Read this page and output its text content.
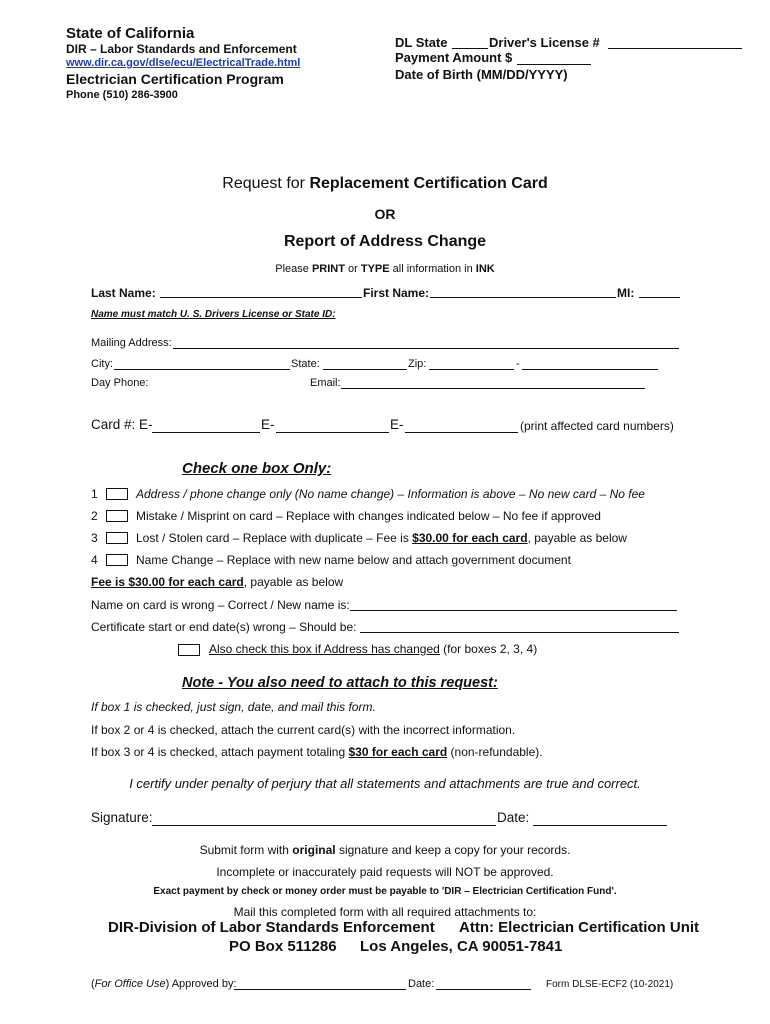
State of California
DIR – Labor Standards and Enforcement
www.dir.ca.gov/dlse/ecu/ElectricalTrade.html
Electrician Certification Program
Phone (510) 286-3900
DL State	Driver's License #
Payment Amount $
Date of Birth (MM/DD/YYYY)
Request for Replacement Certification Card
OR
Report of Address Change
Please PRINT or TYPE all information in INK
Last Name:	First Name:	MI:
Name must match U. S. Drivers License or State ID:
Mailing Address:
City:	State:	Zip:	-
Day Phone:	Email:
Card #: E-	E-	E-	(print affected card numbers)
Check one box Only:
1	Address / phone change only (No name change) – Information is above – No new card – No fee
2	Mistake / Misprint on card – Replace with changes indicated below – No fee if approved
3	Lost / Stolen card – Replace with duplicate – Fee is $30.00 for each card, payable as below
4	Name Change – Replace with new name below and attach government document
Fee is $30.00 for each card, payable as below
Name on card is wrong – Correct / New name is:
Certificate start or end date(s) wrong – Should be:
Also check this box if Address has changed (for boxes 2, 3, 4)
Note - You also need to attach to this request:
If box 1 is checked, just sign, date, and mail this form.
If box 2 or 4 is checked, attach the current card(s) with the incorrect information.
If box 3 or 4 is checked, attach payment totaling $30 for each card (non-refundable).
I certify under penalty of perjury that all statements and attachments are true and correct.
Signature:	Date:
Submit form with original signature and keep a copy for your records.
Incomplete or inaccurately paid requests will NOT be approved.
Exact payment by check or money order must be payable to 'DIR – Electrician Certification Fund'.
Mail this completed form with all required attachments to:
DIR-Division of Labor Standards Enforcement Attn: Electrician Certification Unit
PO Box 511286 Los Angeles, CA 90051-7841
(For Office Use) Approved by:	Date:	Form DLSE-ECF2 (10-2021)
